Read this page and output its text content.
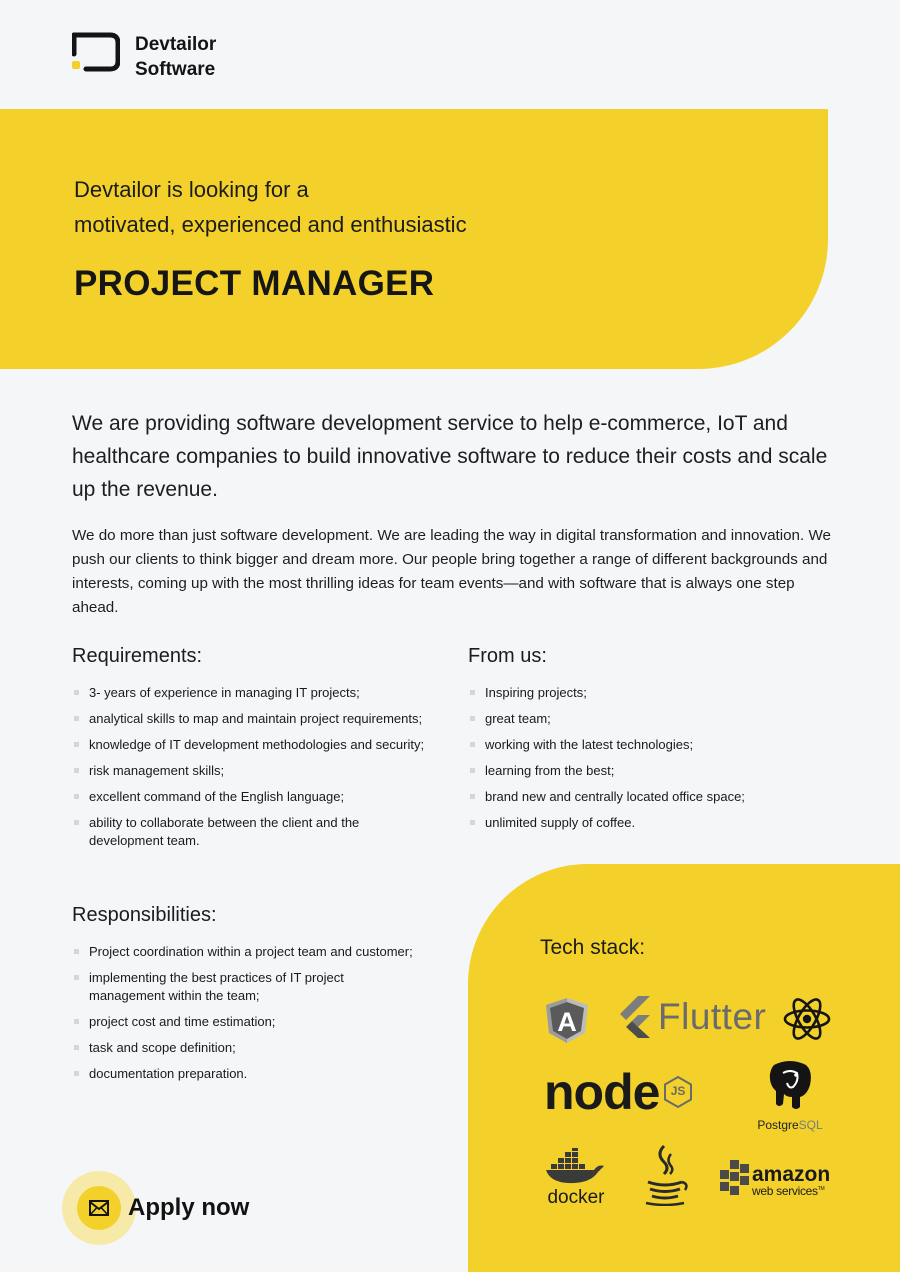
Devtailor
Software
Devtailor is looking for a
motivated, experienced and enthusiastic
PROJECT MANAGER

We are providing software development service to help e-commerce, IoT and healthcare companies to build innovative software to reduce their costs and scale up the revenue.

We do more than just software development. We are leading the way in digital transformation and innovation. We push our clients to think bigger and dream more. Our people bring together a range of different backgrounds and interests, coming up with the most thrilling ideas for team events—and with software that is always one step ahead.

Requirements:
3- years of experience in managing IT projects;
analytical skills to map and maintain project requirements;
knowledge of IT development methodologies and security;
risk management skills;
excellent command of the English language;
ability to collaborate between the client and the development team.
From us:
Inspiring projects;
great team;
working with the latest technologies;
learning from the best;
brand new and centrally located office space;
unlimited supply of coffee.
Responsibilities:
Project coordination within a project team and customer;
implementing the best practices of IT project management within the team;
project cost and time estimation;
task and scope definition;
documentation preparation.
Tech stack:
A Flutter
node JS
PostgreSQL
docker
amazon
web services™
Apply now
